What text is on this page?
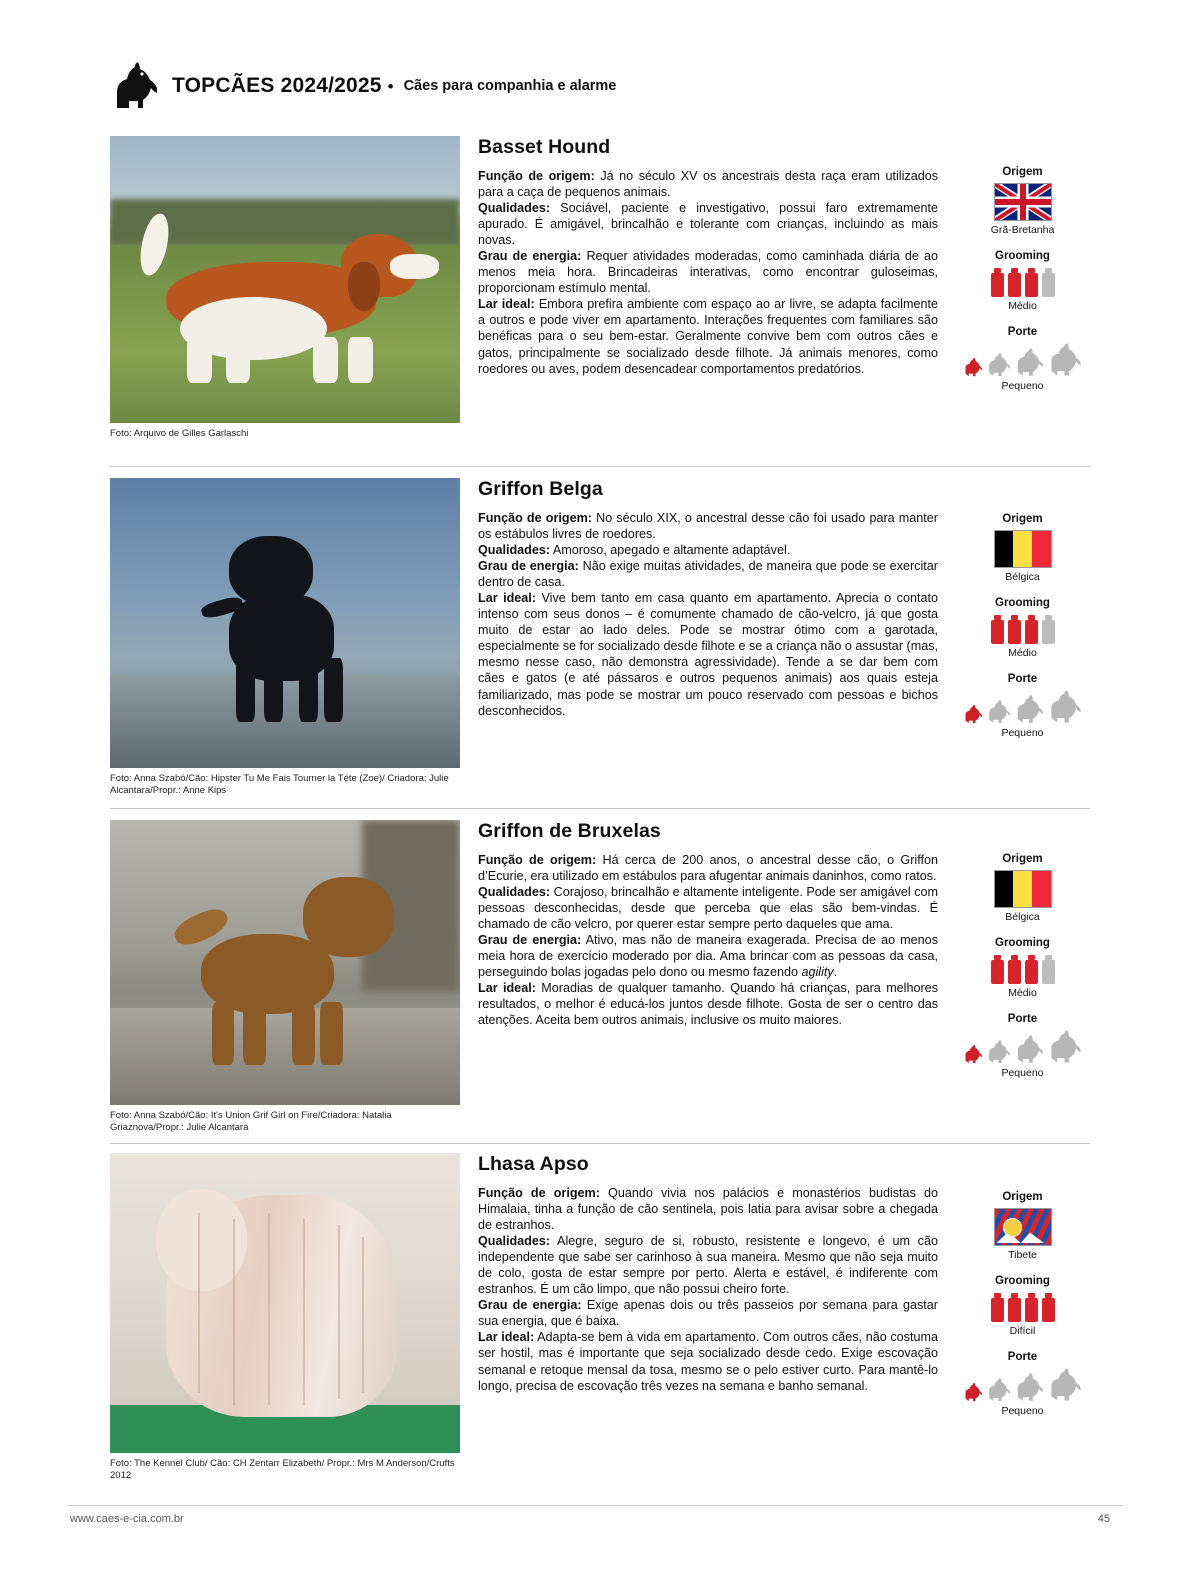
TOPCÃES 2024/2025 • Cães para companhia e alarme
Foto: Arquivo de Gilles Garlaschi
Basset Hound

Função de origem: Já no século XV os ancestrais desta raça eram utilizados para a caça de pequenos animais.
Qualidades: Sociável, paciente e investigativo, possui faro extremamente apurado. É amigável, brincalhão e tolerante com crianças, incluindo as mais novas.
Grau de energia: Requer atividades moderadas, como caminhada diária de ao menos meia hora. Brincadeiras interativas, como encontrar guloseimas, proporcionam estímulo mental.
Lar ideal: Embora prefira ambiente com espaço ao ar livre, se adapta facilmente a outros e pode viver em apartamento. Interações frequentes com familiares são benéficas para o seu bem-estar. Geralmente convive bem com outros cães e gatos, principalmente se socializado desde filhote. Já animais menores, como roedores ou aves, podem desencadear comportamentos predatórios.

Origem
Grã-Bretanha
Grooming
Médio
Porte
Pequeno
Foto: Anna Szabó/Cão: Hipster Tu Me Fais Tourner la Téte (Zoe)/ Criadora: Julie Alcantara/Propr.: Anne Kips
Griffon Belga

Função de origem: No século XIX, o ancestral desse cão foi usado para manter os estábulos livres de roedores.
Qualidades: Amoroso, apegado e altamente adaptável.
Grau de energia: Não exige muitas atividades, de maneira que pode se exercitar dentro de casa.
Lar ideal: Vive bem tanto em casa quanto em apartamento. Aprecia o contato intenso com seus donos – é comumente chamado de cão-velcro, já que gosta muito de estar ao lado deles. Pode se mostrar ótimo com a garotada, especialmente se for socializado desde filhote e se a criança não o assustar (mas, mesmo nesse caso, não demonstra agressividade). Tende a se dar bem com cães e gatos (e até pássaros e outros pequenos animais) aos quais esteja familiarizado, mas pode se mostrar um pouco reservado com pessoas e bichos desconhecidos.

Origem
Bélgica
Grooming
Médio
Porte
Pequeno
Foto: Anna Szabó/Cão: It's Union Grif Girl on Fire/Criadora: Natalia Griaznova/Propr.: Julie Alcantara
Griffon de Bruxelas

Função de origem: Há cerca de 200 anos, o ancestral desse cão, o Griffon d’Ecurie, era utilizado em estábulos para afugentar animais daninhos, como ratos.
Qualidades: Corajoso, brincalhão e altamente inteligente. Pode ser amigável com pessoas desconhecidas, desde que perceba que elas são bem-vindas. É chamado de cão velcro, por querer estar sempre perto daqueles que ama.
Grau de energia: Ativo, mas não de maneira exagerada. Precisa de ao menos meia hora de exercício moderado por dia. Ama brincar com as pessoas da casa, perseguindo bolas jogadas pelo dono ou mesmo fazendo agility.
Lar ideal: Moradias de qualquer tamanho. Quando há crianças, para melhores resultados, o melhor é educá-los juntos desde filhote. Gosta de ser o centro das atenções. Aceita bem outros animais, inclusive os muito maiores.

Origem
Bélgica
Grooming
Médio
Porte
Pequeno
Foto: The Kennel Club/ Cão: CH Zentarr Elizabeth/ Propr.: Mrs M Anderson/Crufts 2012
Lhasa Apso

Função de origem: Quando vivia nos palácios e monastérios budistas do Himalaia, tinha a função de cão sentinela, pois latia para avisar sobre a chegada de estranhos.
Qualidades: Alegre, seguro de si, robusto, resistente e longevo, é um cão independente que sabe ser carinhoso à sua maneira. Mesmo que não seja muito de colo, gosta de estar sempre por perto. Alerta e estável, é indiferente com estranhos. É um cão limpo, que não possui cheiro forte.
Grau de energia: Exige apenas dois ou três passeios por semana para gastar sua energia, que é baixa.
Lar ideal: Adapta-se bem à vida em apartamento. Com outros cães, não costuma ser hostil, mas é importante que seja socializado desde cedo. Exige escovação semanal e retoque mensal da tosa, mesmo se o pelo estiver curto. Para mantê-lo longo, precisa de escovação três vezes na semana e banho semanal.

Origem
Tibete
Grooming
Difícil
Porte
Pequeno
www.caes-e-cia.com.br	45
